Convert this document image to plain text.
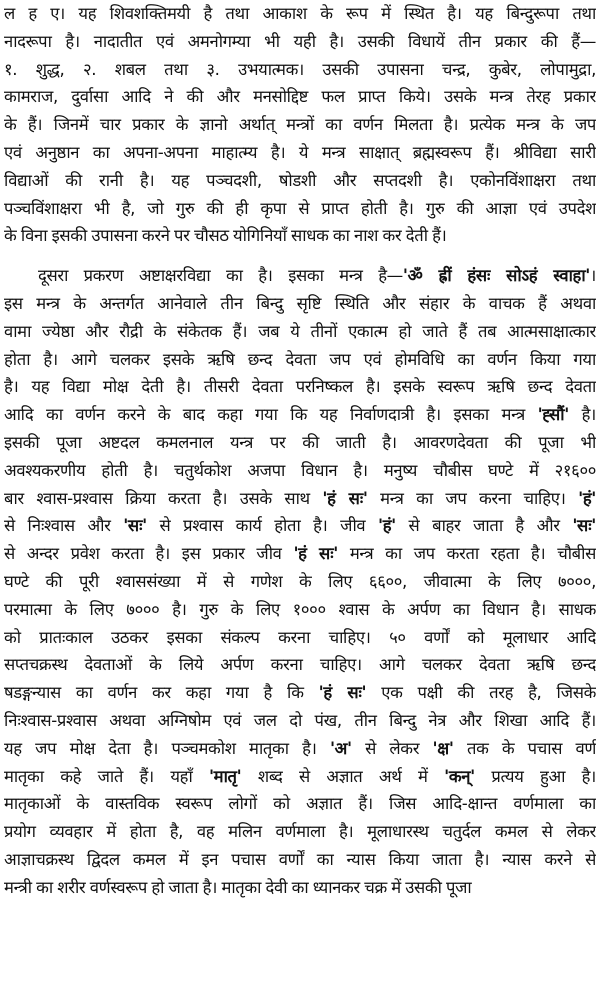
ल ह ए। यह शिवशक्तिमयी है तथा आकाश के रूप में स्थित है। यह बिन्दुरूपा तथा
नादरूपा है। नादातीत एवं अमनोगम्या भी यही है। उसकी विधायें तीन प्रकार की हैं—
१. शुद्ध, २. शबल तथा ३. उभयात्मक। उसकी उपासना चन्द्र, कुबेर, लोपामुद्रा,
कामराज, दुर्वासा आदि ने की और मनसोद्दिष्ट फल प्राप्त किये। उसके मन्त्र तेरह प्रकार
के हैं। जिनमें चार प्रकार के ज्ञानो अर्थात् मन्त्रों का वर्णन मिलता है। प्रत्येक मन्त्र के जप
एवं अनुष्ठान का अपना-अपना माहात्म्य है। ये मन्त्र साक्षात् ब्रह्मस्वरूप हैं। श्रीविद्या सारी
विद्याओं की रानी है। यह पञ्चदशी, षोडशी और सप्तदशी है। एकोनविंशाक्षरा तथा
पञ्चविंशाक्षरा भी है, जो गुरु की ही कृपा से प्राप्त होती है। गुरु की आज्ञा एवं उपदेश
के विना इसकी उपासना करने पर चौसठ योगिनियाँ साधक का नाश कर देती हैं।
दूसरा प्रकरण अष्टाक्षरविद्या का है। इसका मन्त्र है—'ॐ ह्रीं हंसः सोऽहं स्वाहा'।
इस मन्त्र के अन्तर्गत आनेवाले तीन बिन्दु सृष्टि स्थिति और संहार के वाचक हैं अथवा
वामा ज्येष्ठा और रौद्री के संकेतक हैं। जब ये तीनों एकात्म हो जाते हैं तब आत्मसाक्षात्कार
होता है। आगे चलकर इसके ऋषि छन्द देवता जप एवं होमविधि का वर्णन किया गया
है। यह विद्या मोक्ष देती है। तीसरी देवता परनिष्कल है। इसके स्वरूप ऋषि छन्द देवता
आदि का वर्णन करने के बाद कहा गया कि यह निर्वाणदात्री है। इसका मन्त्र 'ह्सौं' है।
इसकी पूजा अष्टदल कमलनाल यन्त्र पर की जाती है। आवरणदेवता की पूजा भी
अवश्यकरणीय होती है। चतुर्थकोश अजपा विधान है। मनुष्य चौबीस घण्टे में २१६००
बार श्वास-प्रश्वास क्रिया करता है। उसके साथ 'हं सः' मन्त्र का जप करना चाहिए। 'हं'
से निःश्वास और 'सः' से प्रश्वास कार्य होता है। जीव 'हं' से बाहर जाता है और 'सः'
से अन्दर प्रवेश करता है। इस प्रकार जीव 'हं सः' मन्त्र का जप करता रहता है। चौबीस
घण्टे की पूरी श्वाससंख्या में से गणेश के लिए ६६००, जीवात्मा के लिए ७०००,
परमात्मा के लिए ७००० है। गुरु के लिए १००० श्वास के अर्पण का विधान है। साधक
को प्रातःकाल उठकर इसका संकल्प करना चाहिए। ५० वर्णों को मूलाधार आदि
सप्तचक्रस्थ देवताओं के लिये अर्पण करना चाहिए। आगे चलकर देवता ऋषि छन्द
षडङ्गन्यास का वर्णन कर कहा गया है कि 'हं सः' एक पक्षी की तरह है, जिसके
निःश्वास-प्रश्वास अथवा अग्निषोम एवं जल दो पंख, तीन बिन्दु नेत्र और शिखा आदि हैं।
यह जप मोक्ष देता है। पञ्चमकोश मातृका है। 'अ' से लेकर 'क्ष' तक के पचास वर्ण
मातृका कहे जाते हैं। यहाँ 'मातृ' शब्द से अज्ञात अर्थ में 'कन्' प्रत्यय हुआ है।
मातृकाओं के वास्तविक स्वरूप लोगों को अज्ञात हैं। जिस आदि-क्षान्त वर्णमाला का
प्रयोग व्यवहार में होता है, वह मलिन वर्णमाला है। मूलाधारस्थ चतुर्दल कमल से लेकर
आज्ञाचक्रस्थ द्विदल कमल में इन पचास वर्णों का न्यास किया जाता है। न्यास करने से
मन्त्री का शरीर वर्णस्वरूप हो जाता है। मातृका देवी का ध्यानकर चक्र में उसकी पूजा
